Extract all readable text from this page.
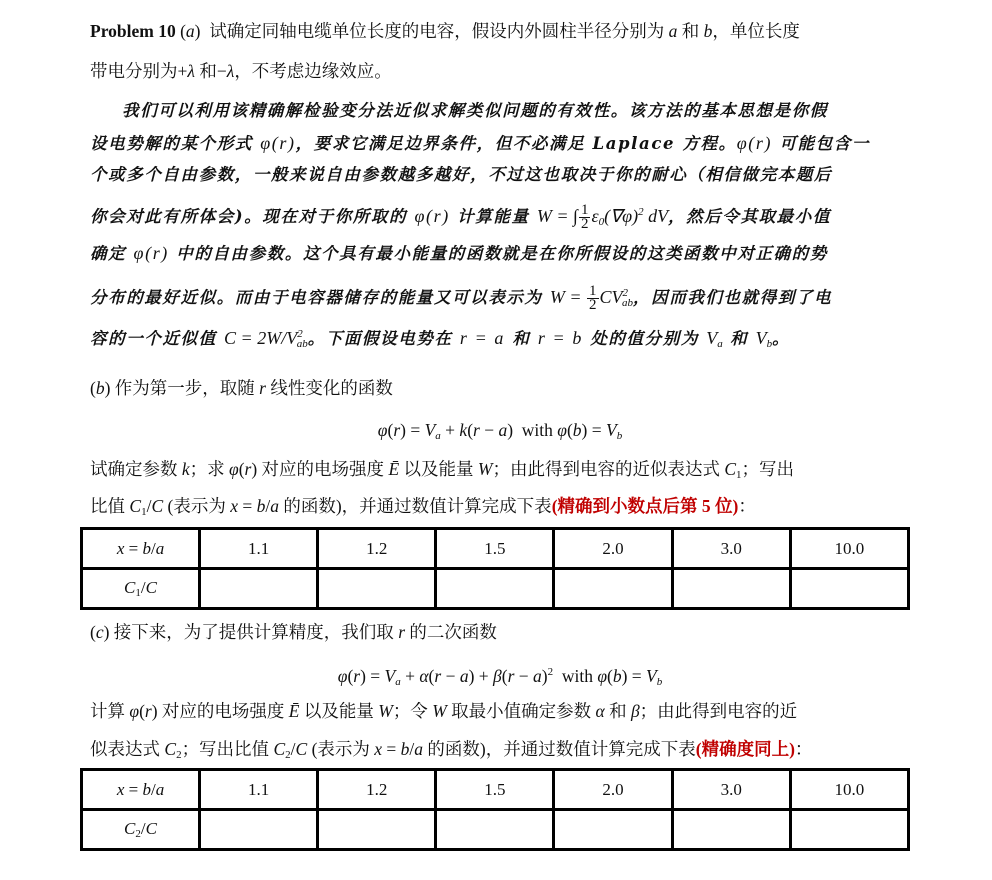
Problem 10 (a)  试确定同轴电缆单位长度的电容，假设内外圆柱半径分别为 a 和 b，单位长度
带电分别为+λ 和−λ，不考虑边缘效应。
我们可以利用该精确解检验变分法近似求解类似问题的有效性。该方法的基本思想是你假
设电势解的某个形式 φ(r)，要求它满足边界条件，但不必满足 Laplace 方程。φ(r) 可能包含一
个或多个自由参数，一般来说自由参数越多越好，不过这也取决于你的耐心（相信做完本题后
你会对此有所体会)。现在对于你所取的 φ(r) 计算能量 W = ∫ $\frac{1}{2} \varepsilon_0(\nabla\varphi)^2$ dV，然后令其取最小值
确定 φ(r) 中的自由参数。这个具有最小能量的函数就是在你所假设的这类函数中对正确的势
分布的最好近似。而由于电容器储存的能量又可以表示为 $W = \frac{1}{2} CV^2_{ab}$，因而我们也就得到了电
容的一个近似值 $C = 2W/V^2_{ab}$。下面假设电势在 r = a 和 r = b 处的值分别为 $V_a$ 和 $V_b$。
(b) 作为第一步，取随 r 线性变化的函数
$\varphi(r) = V_a + k(r - a)$  with $\varphi(b) = V_b$
试确定参数 k；求 φ(r) 对应的电场强度 Ē 以及能量 W；由此得到电容的近似表达式 $C_1$；写出
比值 $C_1/C$ (表示为 x = b/a 的函数)，并通过数值计算完成下表(精确到小数点后第 5 位)：
x = b/a	1.1	1.2	1.5	2.0	3.0	10.0
$C_1/C$						
(c) 接下来，为了提供计算精度，我们取 r 的二次函数
$\varphi(r) = V_a + \alpha(r - a) + \beta(r - a)^2$  with $\varphi(b) = V_b$
计算 φ(r) 对应的电场强度 Ē 以及能量 W；令 W 取最小值确定参数 α 和 β；由此得到电容的近
似表达式 $C_2$；写出比值 $C_2/C$ (表示为 x = b/a 的函数)，并通过数值计算完成下表(精确度同上)：
x = b/a	1.1	1.2	1.5	2.0	3.0	10.0
$C_2/C$						
